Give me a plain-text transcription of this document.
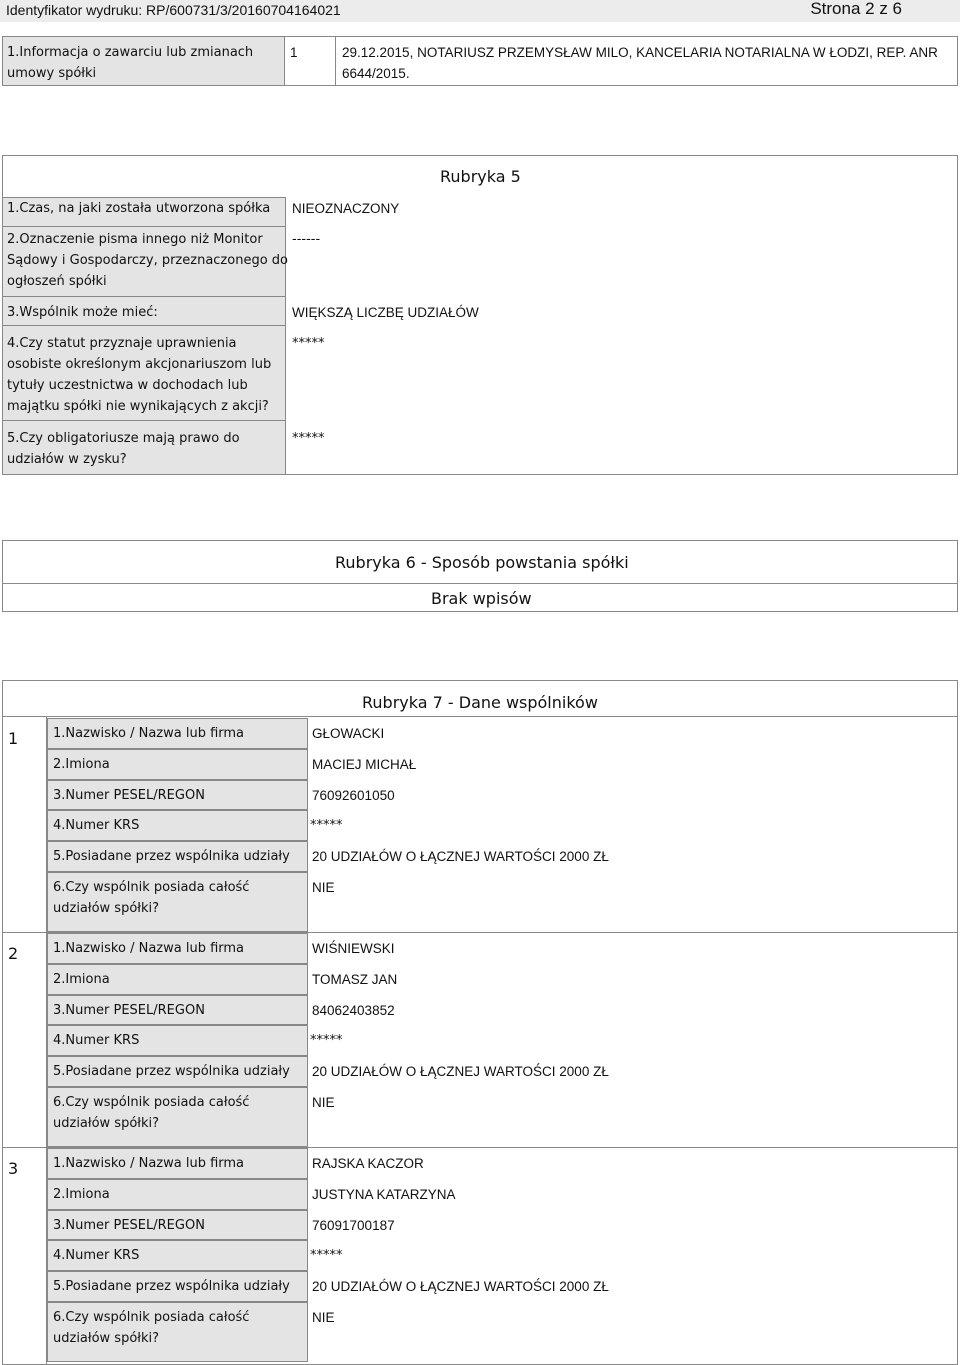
Identyfikator wydruku: RP/600731/3/20160704164021	Strona 2 z 6
1.Informacja o zawarciu lub zmianach
umowy spółki
1	29.12.2015, NOTARIUSZ PRZEMYSŁAW MILO, KANCELARIA NOTARIALNA W ŁODZI, REP. ANR
6644/2015.
Rubryka 5
1.Czas, na jaki została utworzona spółka NIEOZNACZONY
2.Oznaczenie pisma innego niż Monitor
Sądowy i Gospodarczy, przeznaczonego do
ogłoszeń spółki
------
3.Wspólnik może mieć:	WIĘKSZĄ LICZBĘ UDZIAŁÓW
4.Czy statut przyznaje uprawnienia
osobiste określonym akcjonariuszom lub
tytuły uczestnictwa w dochodach lub
majątku spółki nie wynikających z akcji?
*****
5.Czy obligatoriusze mają prawo do
udziałów w zysku?
*****
Rubryka 6 - Sposób powstania spółki
Brak wpisów
Rubryka 7 - Dane wspólników
1	1.Nazwisko / Nazwa lub firma	GŁOWACKI
2.Imiona	MACIEJ MICHAŁ
3.Numer PESEL/REGON	76092601050
4.Numer KRS	*****
5.Posiadane przez wspólnika udziały 20 UDZIAŁÓW O ŁĄCZNEJ WARTOŚCI 2000 ZŁ
6.Czy wspólnik posiada całość
udziałów spółki?
NIE
2	1.Nazwisko / Nazwa lub firma	WIŚNIEWSKI
2.Imiona	TOMASZ JAN
3.Numer PESEL/REGON	84062403852
4.Numer KRS	*****
5.Posiadane przez wspólnika udziały 20 UDZIAŁÓW O ŁĄCZNEJ WARTOŚCI 2000 ZŁ
6.Czy wspólnik posiada całość
udziałów spółki?
NIE
3	1.Nazwisko / Nazwa lub firma	RAJSKA KACZOR
2.Imiona	JUSTYNA KATARZYNA
3.Numer PESEL/REGON	76091700187
4.Numer KRS	*****
5.Posiadane przez wspólnika udziały 20 UDZIAŁÓW O ŁĄCZNEJ WARTOŚCI 2000 ZŁ
6.Czy wspólnik posiada całość
udziałów spółki?
NIE
